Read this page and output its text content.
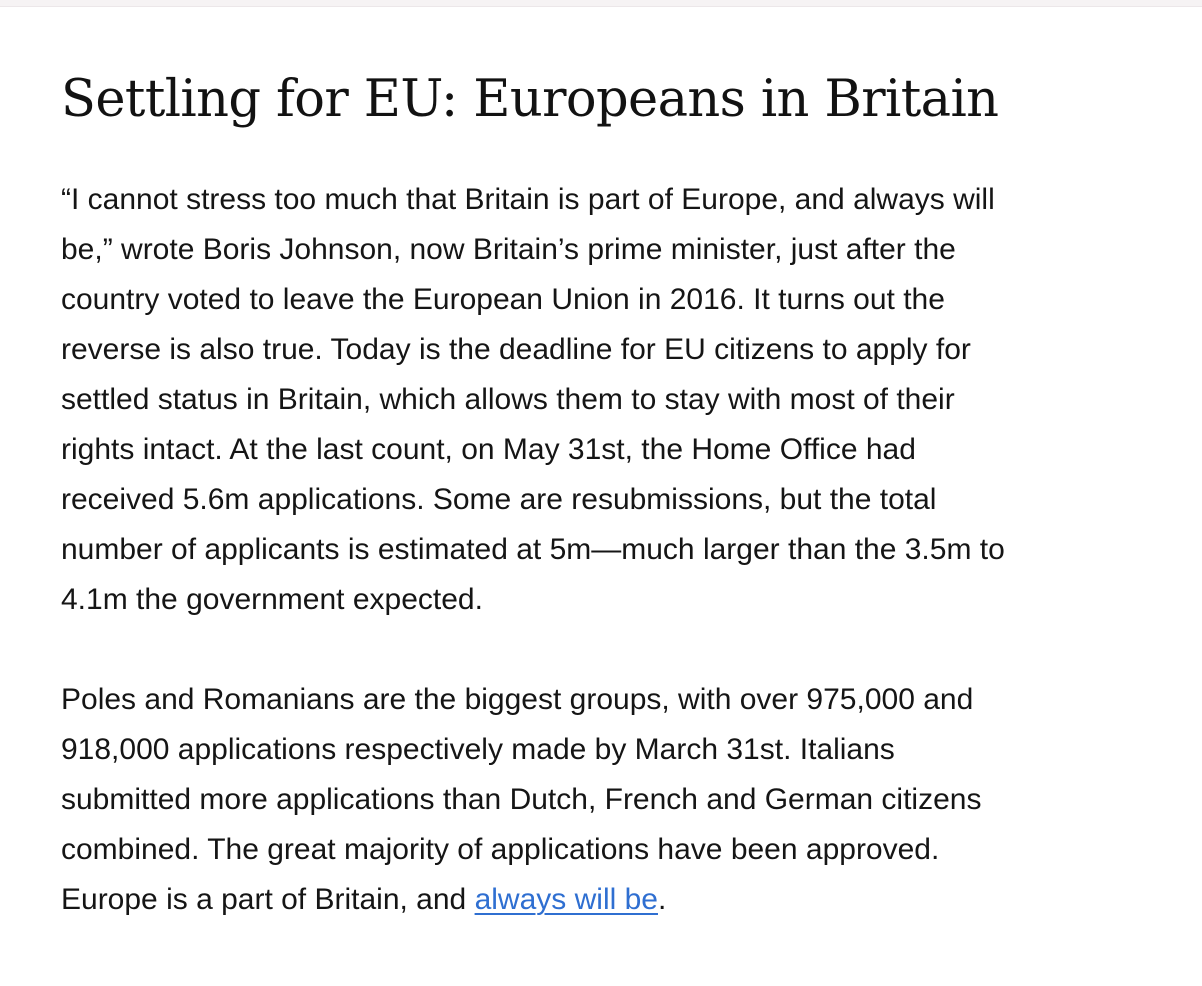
Settling for EU: Europeans in Britain

“I cannot stress too much that Britain is part of Europe, and always will
be,” wrote Boris Johnson, now Britain’s prime minister, just after the
country voted to leave the European Union in 2016. It turns out the
reverse is also true. Today is the deadline for EU citizens to apply for
settled status in Britain, which allows them to stay with most of their
rights intact. At the last count, on May 31st, the Home Office had
received 5.6m applications. Some are resubmissions, but the total
number of applicants is estimated at 5m—much larger than the 3.5m to
4.1m the government expected.

Poles and Romanians are the biggest groups, with over 975,000 and
918,000 applications respectively made by March 31st. Italians
submitted more applications than Dutch, French and German citizens
combined. The great majority of applications have been approved.
Europe is a part of Britain, and always will be.
